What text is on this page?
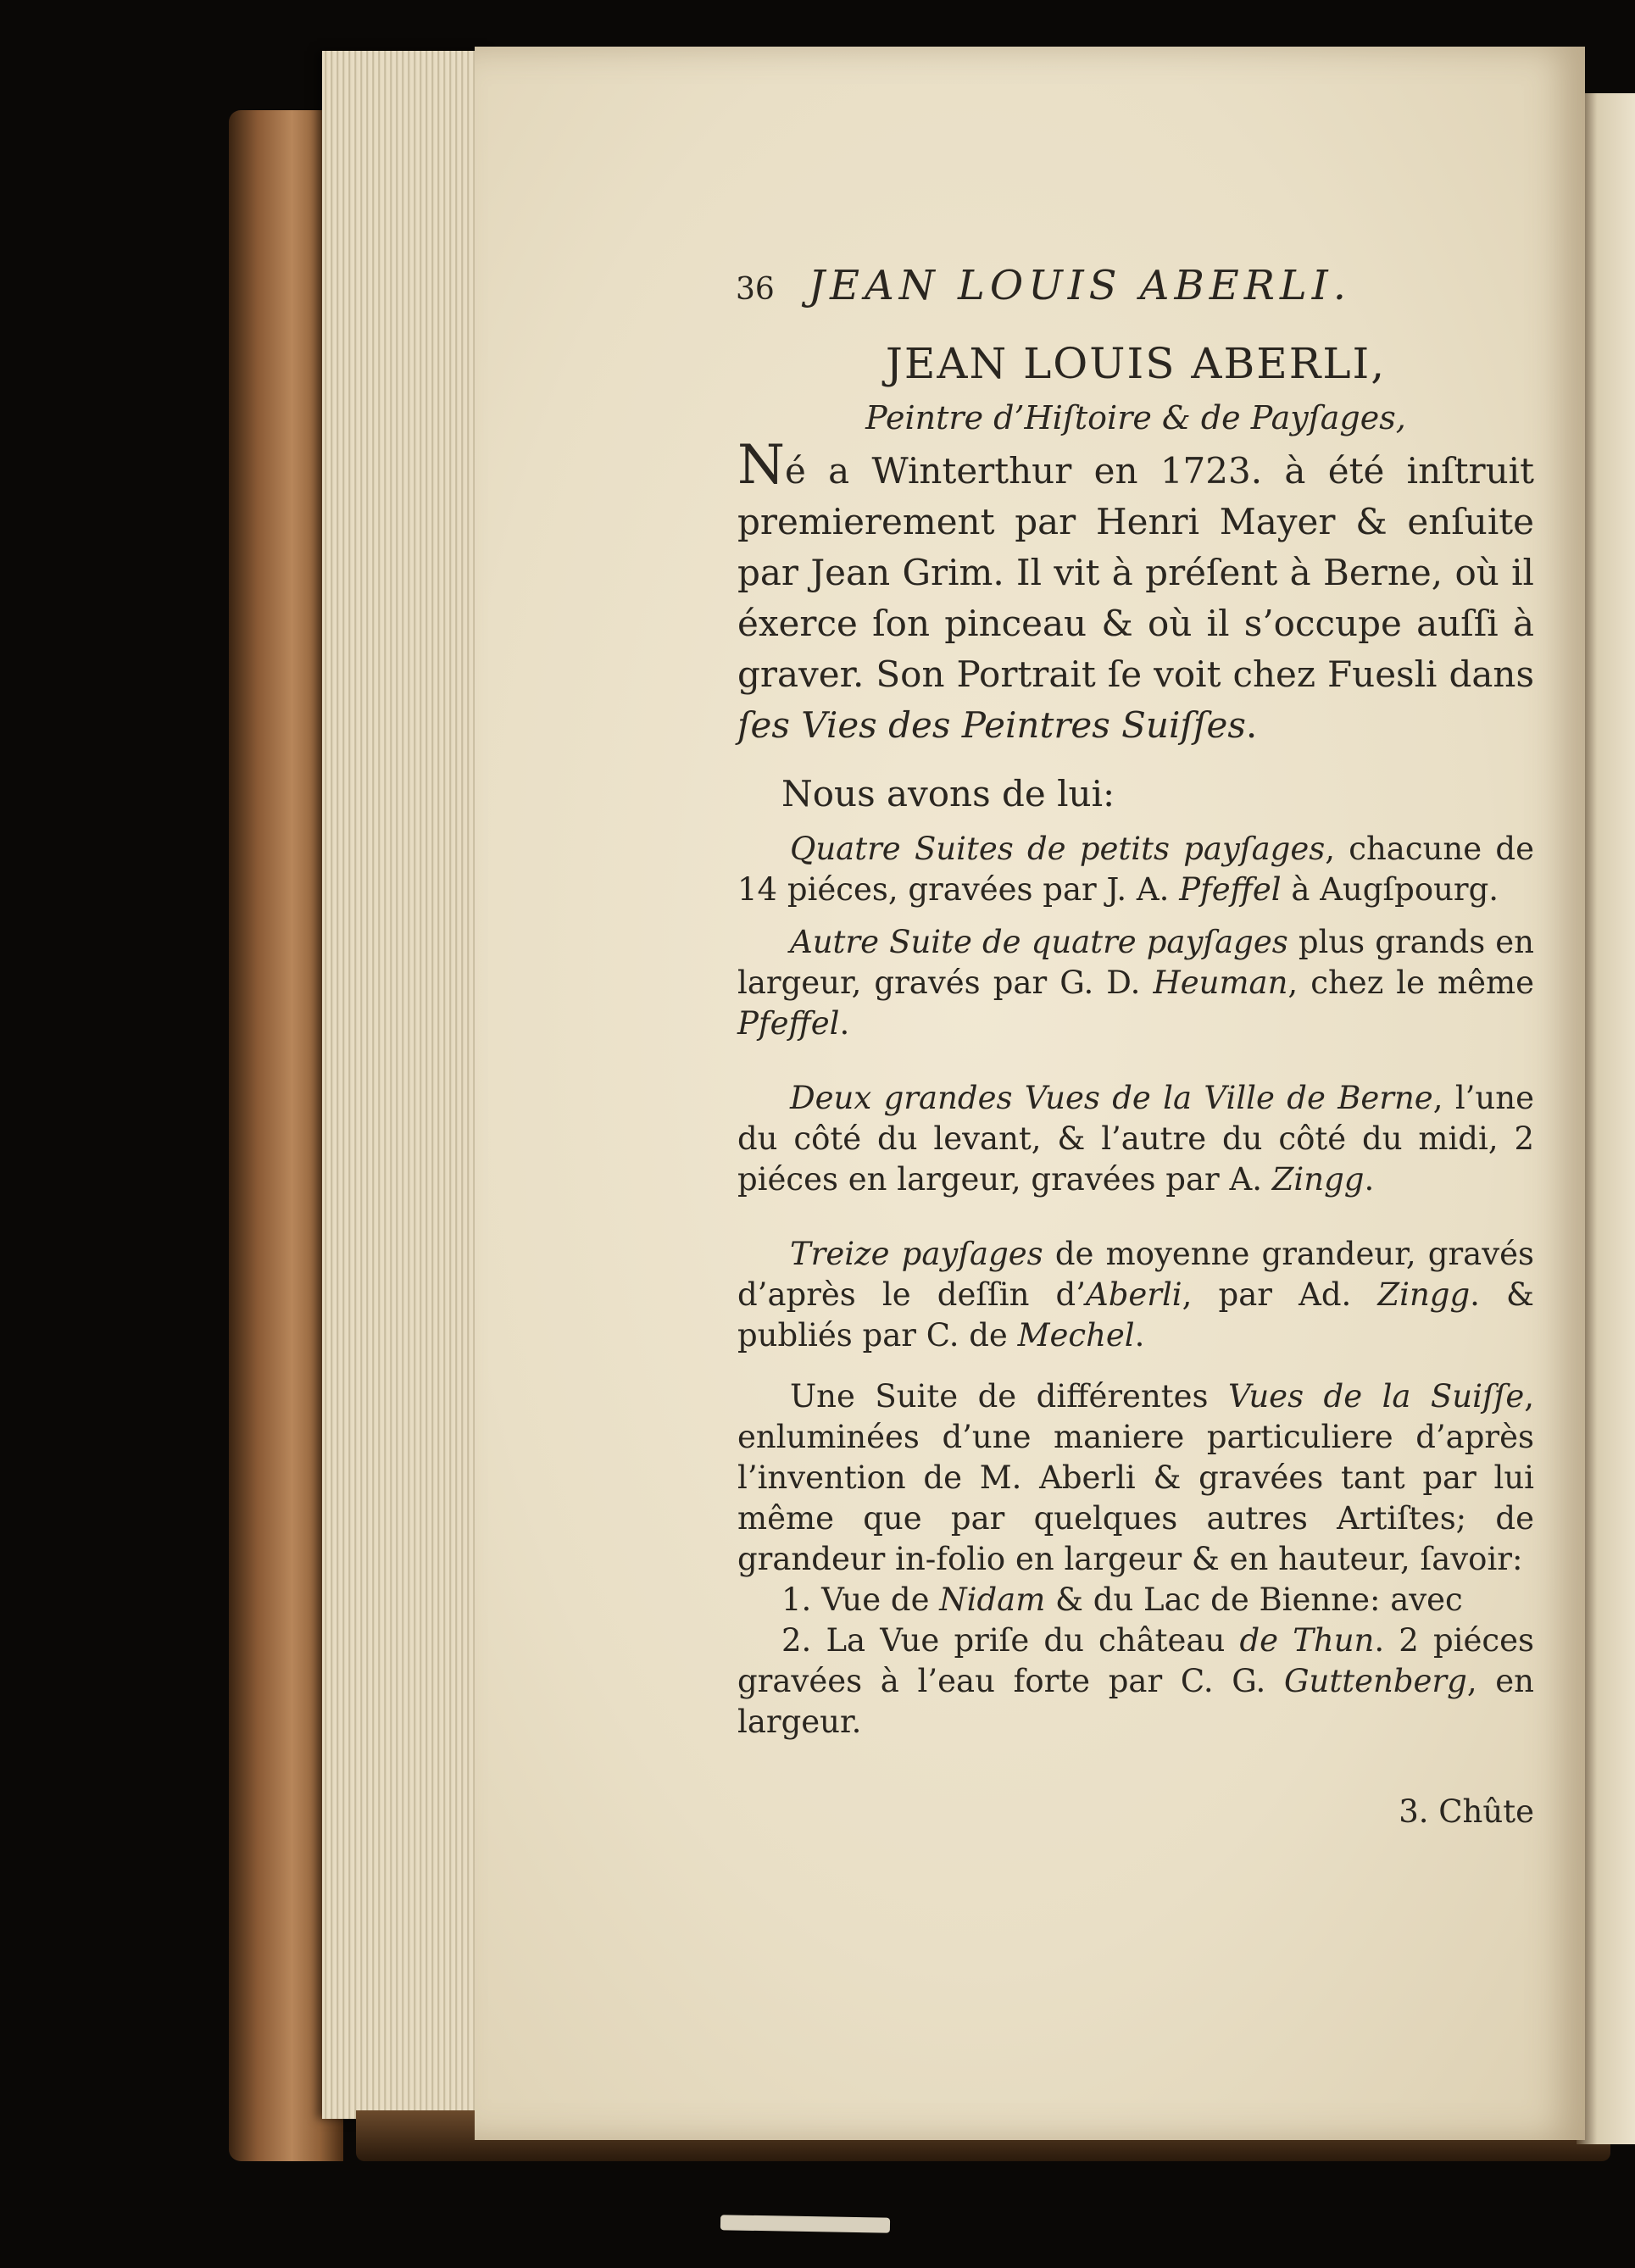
36 JEAN LOUIS ABERLI.
JEAN LOUIS ABERLI,
Peintre d’Hiſtoire & de Payſages,

Né a Winterthur en 1723. à été inſtruit premierement par Henri Mayer & enſuite par Jean Grim. Il vit à préſent à Berne, où il éxerce ſon pinceau & où il s’occupe auſſi à graver. Son Portrait ſe voit chez Fuesli dans ſes Vies des Peintres Suiſſes.

Nous avons de lui:

Quatre Suites de petits payſages, chacune de 14 piéces, gravées par J. A. Pfeffel à Augſpourg.

Autre Suite de quatre payſages plus grands en largeur, gravés par G. D. Heuman, chez le même Pfeffel.

Deux grandes Vues de la Ville de Berne, l’une du côté du levant, & l’autre du côté du midi, 2 piéces en largeur, gravées par A. Zingg.

Treize payſages de moyenne grandeur, gravés d’après le deſſin d’Aberli, par Ad. Zingg. & publiés par C. de Mechel.

Une Suite de différentes Vues de la Suiſſe, enluminées d’une maniere particuliere d’après l’invention de M. Aberli & gravées tant par lui même que par quelques autres Artiſtes; de grandeur in-folio en largeur & en hauteur, ſavoir:

1. Vue de Nidam & du Lac de Bienne: avec

2. La Vue priſe du château de Thun. 2 piéces gravées à l’eau forte par C. G. Guttenberg, en largeur.

3. Chûte
